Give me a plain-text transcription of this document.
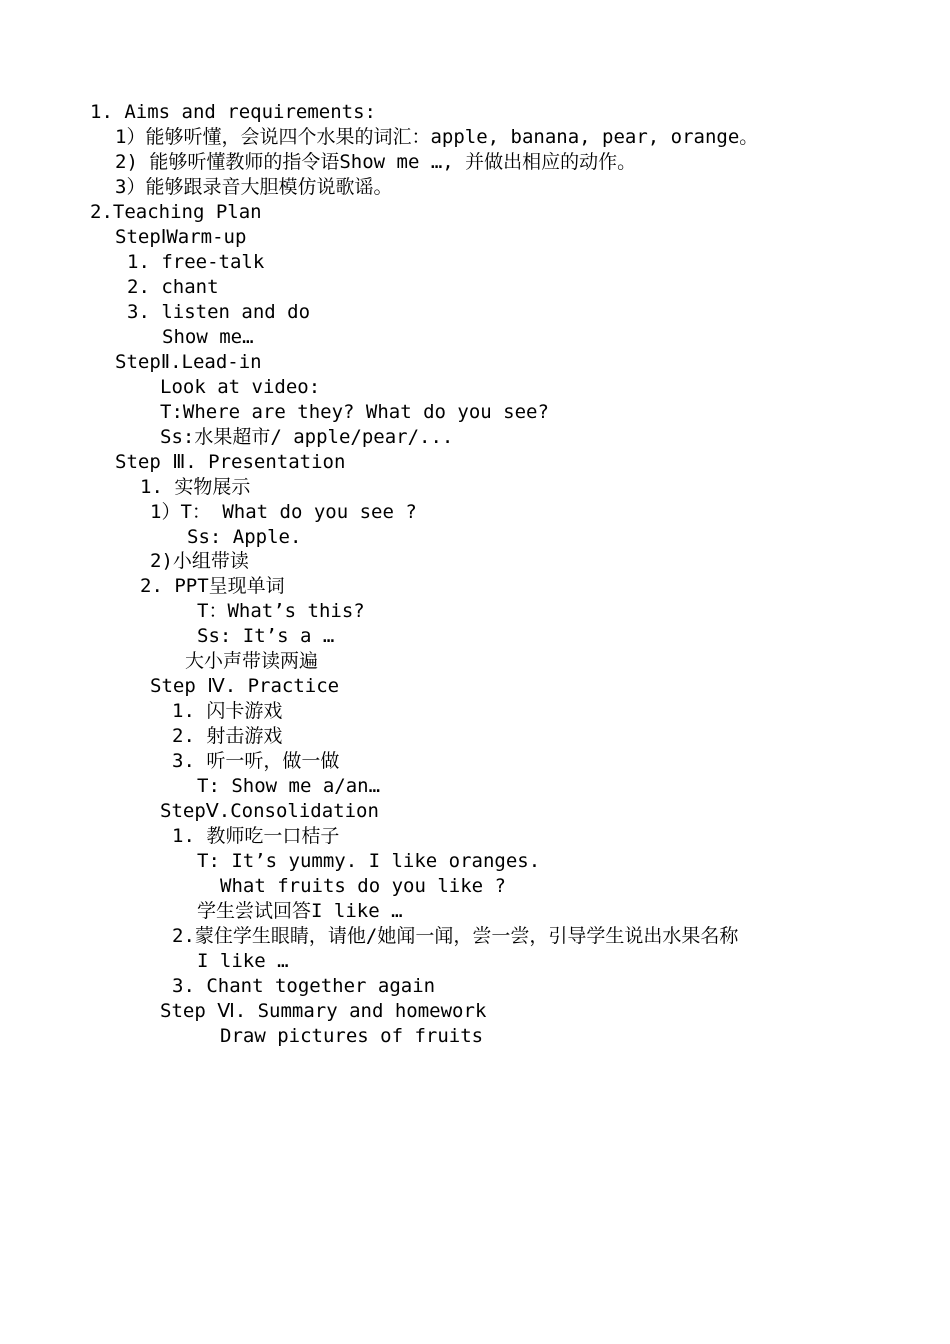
1. Aims and requirements:
1）能够听懂，会说四个水果的词汇：apple, banana, pear, orange。
2) 能够听懂教师的指令语Show me …, 并做出相应的动作。
3）能够跟录音大胆模仿说歌谣。
2.Teaching Plan
StepⅠWarm-up
1. free-talk
2. chant
3. listen and do
Show me…
StepⅡ.Lead-in
Look at video:
T:Where are they? What do you see?
Ss:水果超市/ apple/pear/...
Step Ⅲ. Presentation
1. 实物展示
1）T： What do you see ?
Ss: Apple.
2)小组带读
2. PPT呈现单词
T：What’s this?
Ss: It’s a …
大小声带读两遍
Step Ⅳ. Practice
1. 闪卡游戏
2. 射击游戏
3. 听一听，做一做
T: Show me a/an…
StepⅤ.Consolidation
1. 教师吃一口桔子
T: It’s yummy. I like oranges.
What fruits do you like ?
学生尝试回答I like …
2.蒙住学生眼睛，请他/她闻一闻，尝一尝，引导学生说出水果名称
I like …
3. Chant together again
Step Ⅵ. Summary and homework
Draw pictures of fruits
